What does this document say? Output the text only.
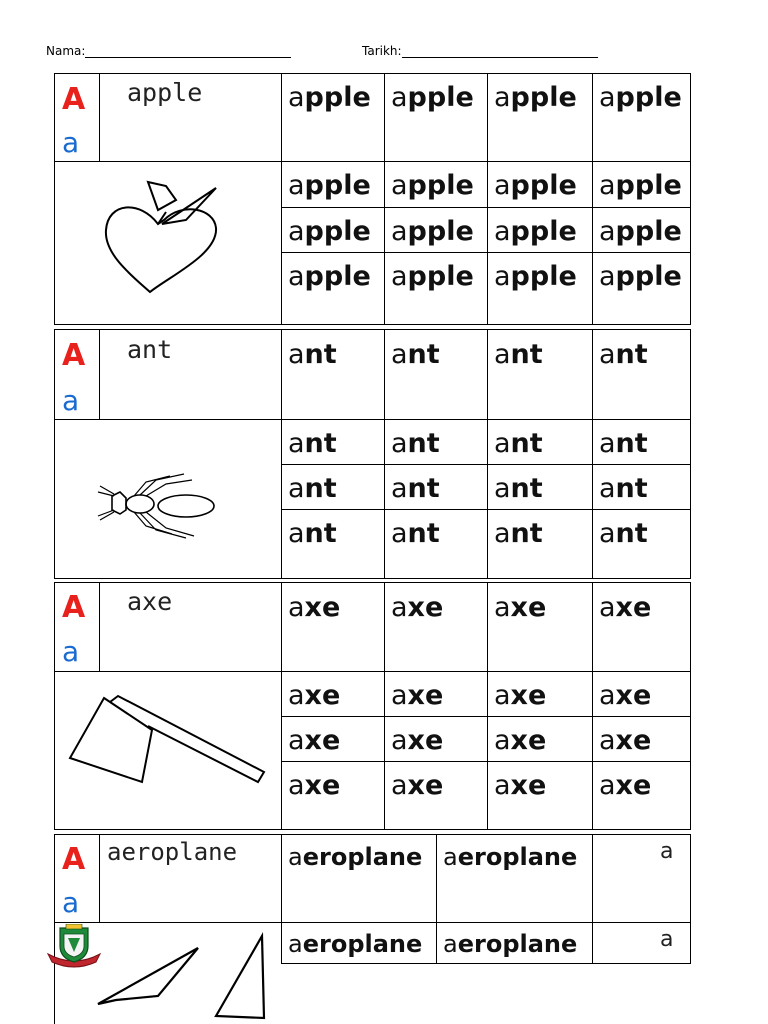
Nama:	Tarikh:
A
a
apple	apple apple apple apple
apple apple apple apple
apple apple apple apple
apple apple apple apple
A
a
ant	ant ant ant ant
ant ant ant ant
ant ant ant ant
ant ant ant ant
A
a
axe	axe axe axe axe
axe axe axe axe
axe axe axe axe
axe axe axe axe
A
a
aeroplane aeroplane aeroplane	a
aeroplane aeroplane	a
